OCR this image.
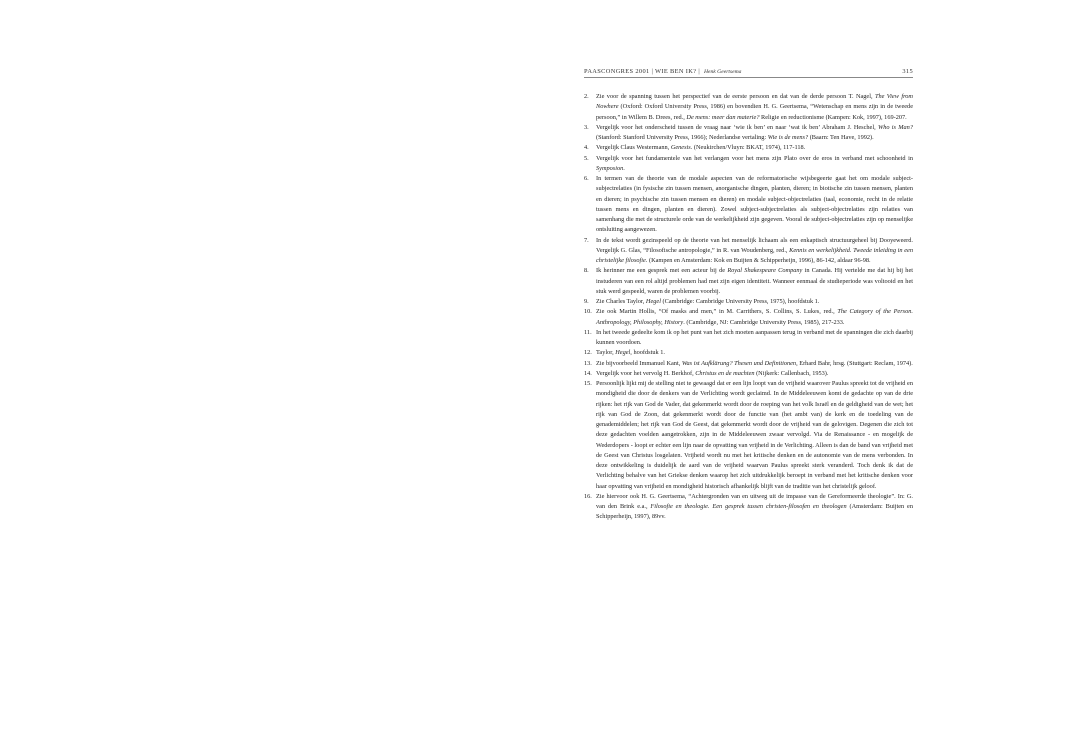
PAASCONGRES 2001 | WIE BEN IK? | Henk Geertsema	315
2.	Zie voor de spanning tussen het perspectief van de eerste persoon en dat van de derde persoon T. Nagel, The View from Nowhere (Oxford: Oxford University Press, 1986) en bovendien H. G. Geertsema, “Wetenschap en mens zijn in de tweede persoon,” in Willem B. Drees, red., De mens: meer dan materie? Religie en reductionisme (Kampen: Kok, 1997), 169-207.
3.	Vergelijk voor het onderscheid tussen de vraag naar ‘wie ik ben’ en naar ‘wat ik ben’ Abraham J. Heschel, Who is Man? (Stanford: Stanford University Press, 1966); Nederlandse vertaling: Wie is de mens? (Baarn: Ten Have, 1992).
4.	Vergelijk Claus Westermann, Genesis. (Neukirchen/Vluyn: BKAT, 1974), 117-118.
5.	Vergelijk voor het fundamentele van het verlangen voor het mens zijn Plato over de eros in verband met schoonheid in Symposion.
6.	In termen van de theorie van de modale aspecten van de reformatorische wijsbegeerte gaat het om modale subject-subjectrelaties (in fysische zin tussen mensen, anorganische dingen, planten, dieren; in biotische zin tussen mensen, planten en dieren; in psychische zin tussen mensen en dieren) en modale subject-objectrelaties (taal, economie, recht in de relatie tussen mens en dingen, planten en dieren). Zowel subject-subjectrelaties als subject-objectrelaties zijn relaties van samenhang die met de structurele orde van de werkelijkheid zijn gegeven. Vooral de subject-objectrelaties zijn op menselijke ontsluiting aangewezen.
7.	In de tekst wordt gezinspeeld op de theorie van het menselijk lichaam als een enkaptisch structuurgeheel bij Dooyeweerd. Vergelijk G. Glas, “Filosofische antropologie,” in R. van Woudenberg, red., Kennis en werkelijkheid. Tweede inleiding in een christelijke filosofie. (Kampen en Amsterdam: Kok en Buijten & Schipperheijn, 1996), 86-142, aldaar 96-98.
8.	Ik herinner me een gesprek met een acteur bij de Royal Shakespeare Company in Canada. Hij vertelde me dat hij bij het instuderen van een rol altijd problemen had met zijn eigen identiteit. Wanneer eenmaal de studieperiode was voltooid en het stuk werd gespeeld, waren de problemen voorbij.
9.	Zie Charles Taylor, Hegel (Cambridge: Cambridge University Press, 1975), hoofdstuk 1.
10. Zie ook Martin Hollis, “Of masks and men,” in M. Carrithers, S. Collins, S. Lukes, red., The Category of the Person. Anthropology, Philosophy, History. (Cambridge, NJ: Cambridge University Press, 1985), 217-233.
11. In het tweede gedeelte kom ik op het punt van het zich moeten aanpassen terug in verband met de spanningen die zich daarbij kunnen voordoen.
12. Taylor, Hegel, hoofdstuk 1.
13. Zie bijvoorbeeld Immanuel Kant, Was ist Aufklärung? Thesen und Definitionen, Erhard Bahr, hrsg. (Stuttgart: Reclam, 1974).
14. Vergelijk voor het vervolg H. Berkhof, Christus en de machten (Nijkerk: Callenbach, 1953).
15. Persoonlijk lijkt mij de stelling niet te gewaagd dat er een lijn loopt van de vrijheid waarover Paulus spreekt tot de vrijheid en mondigheid die door de denkers van de Verlichting wordt geclaimd. In de Middeleeuwen komt de gedachte op van de drie rijken: het rijk van God de Vader, dat gekenmerkt wordt door de roeping van het volk Israël en de geldigheid van de wet; het rijk van God de Zoon, dat gekenmerkt wordt door de functie van (het ambt van) de kerk en de toedeling van de genademiddelen; het rijk van God de Geest, dat gekenmerkt wordt door de vrijheid van de gelovigen. Degenen die zich tot deze gedachten voelden aangetrokken, zijn in de Middeleeuwen zwaar vervolgd. Via de Renaissance - en mogelijk de Wederdopers - loopt er echter een lijn naar de opvatting van vrijheid in de Verlichting. Alleen is dan de band van vrijheid met de Geest van Christus losgelaten. Vrijheid wordt nu met het kritische denken en de autonomie van de mens verbonden. In deze ontwikkeling is duidelijk de aard van de vrijheid waarvan Paulus spreekt sterk veranderd. Toch denk ik dat de Verlichting behalve van het Griekse denken waarop het zich uitdrukkelijk beroept in verband met het kritische denken voor haar opvatting van vrijheid en mondigheid historisch afhankelijk blijft van de traditie van het christelijk geloof.
16. Zie hiervoor ook H. G. Geertsema, “Achtergronden van en uitweg uit de impasse van de Gereformeerde theologie”. In: G. van den Brink e.a., Filosofie en theologie. Een gesprek tussen christen-filosofen en theologen (Amsterdam: Buijten en Schipperheijn, 1997), 89vv.
